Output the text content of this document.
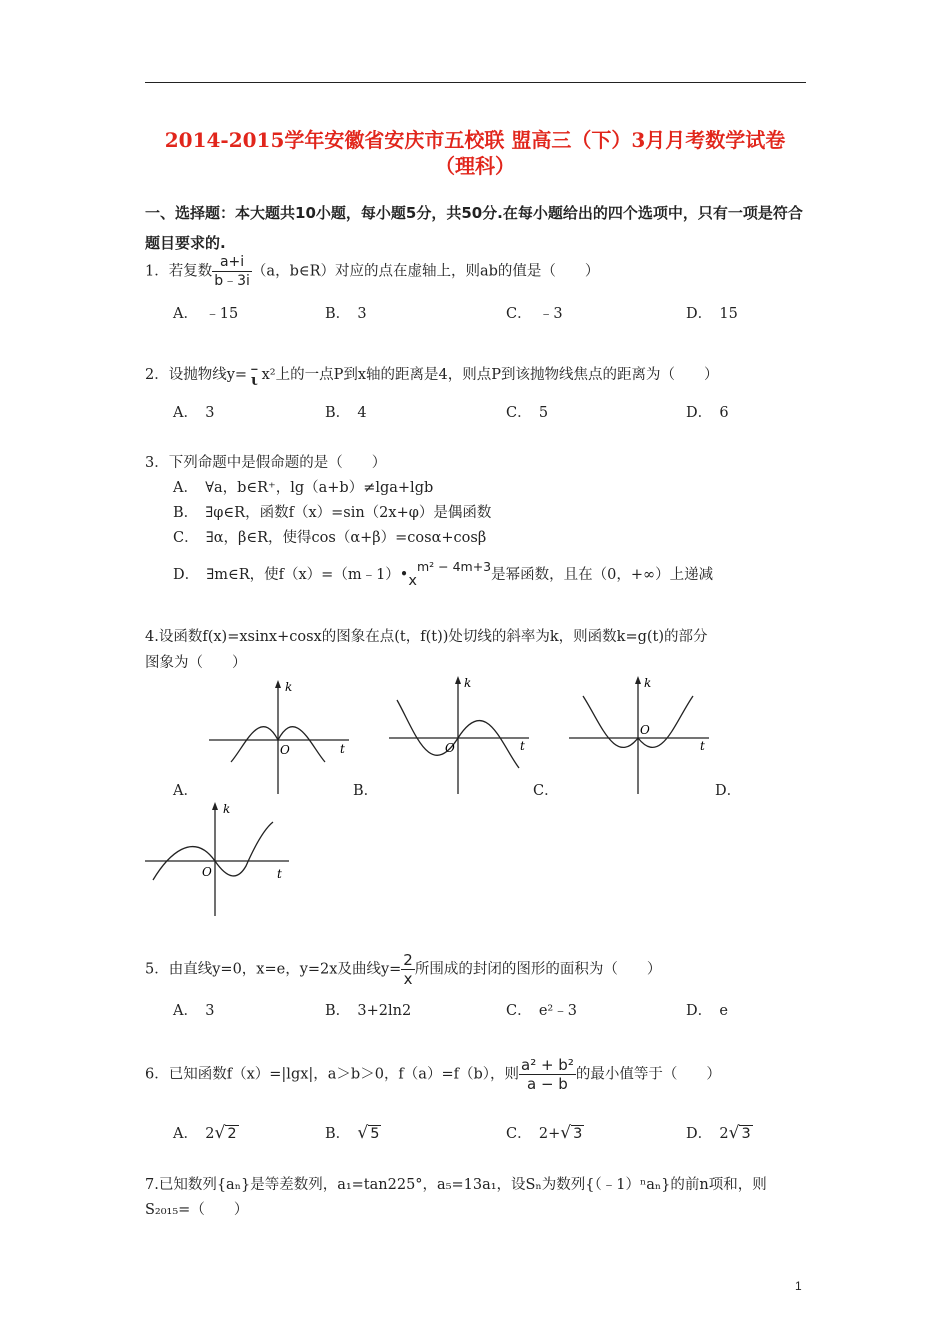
2014-2015学年安徽省安庆市五校联 盟高三（下）3月月考数学试卷
（理科）
一、选择题：本大题共10小题，每小题5分，共50分.在每小题给出的四个选项中，只有一项是符合题目要求的.
1．若复数 $\frac{a+i}{b﹣3i} (a$，b∈R）对应的点在虚轴上，则ab的值是（　　）
A．　﹣15	B．　3	C．　﹣3	D．　15
2．设抛物线y= ﹣
ι x²上的一点P到x轴的距离是4，则点P到该抛物线焦点的距离为（　　）
A．　3	B．　4	C．　5	D．　6
3．下列命题中是假命题的是（　　）
A．　∀a，b∈R⁺，lg（a+b）≠lga+lgb
B．　∃φ∈R，函数f（x）=sin（2x+φ）是偶函数
C．　∃α，β∈R，使得cos（α+β）=cosα+cosβ
D．　∃m∈R，使f（x）=（m﹣1）•xm² − 4m+3是幂函数，且在（0，+∞）上递减
4.设函数f(x)=xsinx+cosx的图象在点(t，f(t))处切线的斜率为k，则函数k=g(t)的部分
图象为（　　）
k
t
O
k
t
O
k
t
O
A．	B．	C．	D．
k
t
O
5．由直线y=0，x=e，y=2x及曲线$y= \frac{2}{x}$ 所围成的封闭的图形的面积为（　　）
A．　3	B．　3+2ln2	C．　e²﹣3	D．　e
6．已知函数f（x）=|lgx|，a＞b＞0，f（a）=f（b），则 $\frac{\text{a² + b²}}{a - b}$ 的最小值等于（　　）
A．　2√ 2	B．　√ 5	C．　2+√ 3	D．　2√ 3
7.已知数列{aₙ}是等差数列，a₁=tan225°，a₅=13a₁，设Sₙ为数列{（﹣1）ⁿaₙ}的前n项和，则
S₂₀₁₅=（　　）
1
